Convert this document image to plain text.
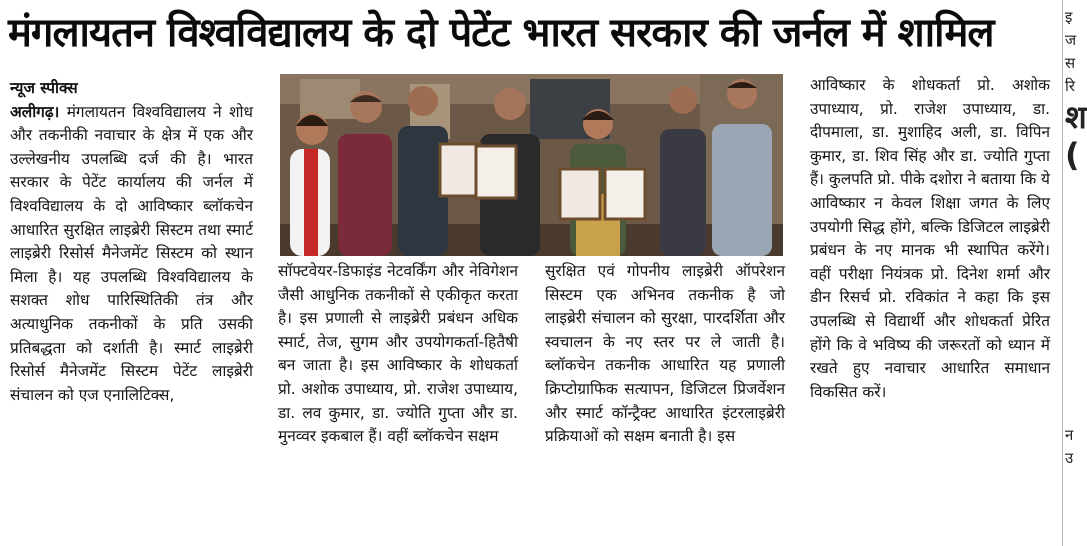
मंगलायतन विश्वविद्यालय के दो पेटेंट भारत सरकार की जर्नल में शामिल

न्यूज स्पीक्स
अलीगढ़। मंगलायतन विश्वविद्यालय ने शोध और तकनीकी नवाचार के क्षेत्र में एक और उल्लेखनीय उपलब्धि दर्ज की है। भारत सरकार के पेटेंट कार्यालय की जर्नल में विश्वविद्यालय के दो आविष्कार ब्लॉकचेन आधारित सुरक्षित लाइब्रेरी सिस्टम तथा स्मार्ट लाइब्रेरी रिसोर्स मैनेजमेंट सिस्टम को स्थान मिला है। यह उपलब्धि विश्वविद्यालय के सशक्त शोध पारिस्थितिकी तंत्र और अत्याधुनिक तकनीकों के प्रति उसकी प्रतिबद्धता को दर्शाती है। स्मार्ट लाइब्रेरी रिसोर्स मैनेजमेंट सिस्टम पेटेंट लाइब्रेरी संचालन को एज एनालिटिक्स,

सॉफ्टवेयर-डिफाइंड नेटवर्किंग और नेविगेशन जैसी आधुनिक तकनीकों से एकीकृत करता है। इस प्रणाली से लाइब्रेरी प्रबंधन अधिक स्मार्ट, तेज, सुगम और उपयोगकर्ता-हितैषी बन जाता है। इस आविष्कार के शोधकर्ता प्रो. अशोक उपाध्याय, प्रो. राजेश उपाध्याय, डा. लव कुमार, डा. ज्योति गुप्ता और डा. मुनव्वर इकबाल हैं। वहीं ब्लॉकचेन सक्षम

सुरक्षित एवं गोपनीय लाइब्रेरी ऑपरेशन सिस्टम एक अभिनव तकनीक है जो लाइब्रेरी संचालन को सुरक्षा, पारदर्शिता और स्वचालन के नए स्तर पर ले जाती है। ब्लॉकचेन तकनीक आधारित यह प्रणाली क्रिप्टोग्राफिक सत्यापन, डिजिटल प्रिजर्वेशन और स्मार्ट कॉन्ट्रैक्ट आधारित इंटरलाइब्रेरी प्रक्रियाओं को सक्षम बनाती है। इस

आविष्कार के शोधकर्ता प्रो. अशोक उपाध्याय, प्रो. राजेश उपाध्याय, डा. दीपमाला, डा. मुशाहिद अली, डा. विपिन कुमार, डा. शिव सिंह और डा. ज्योति गुप्ता हैं। कुलपति प्रो. पीके दशोरा ने बताया कि ये आविष्कार न केवल शिक्षा जगत के लिए उपयोगी सिद्ध होंगे, बल्कि डिजिटल लाइब्रेरी प्रबंधन के नए मानक भी स्थापित करेंगे। वहीं परीक्षा नियंत्रक प्रो. दिनेश शर्मा और डीन रिसर्च प्रो. रविकांत ने कहा कि इस उपलब्धि से विद्यार्थी और शोधकर्ता प्रेरित होंगे कि वे भविष्य की जरूरतों को ध्यान में रखते हुए नवाचार आधारित समाधान विकसित करें।

इ
ज
स
रि
श
(
न
उ
